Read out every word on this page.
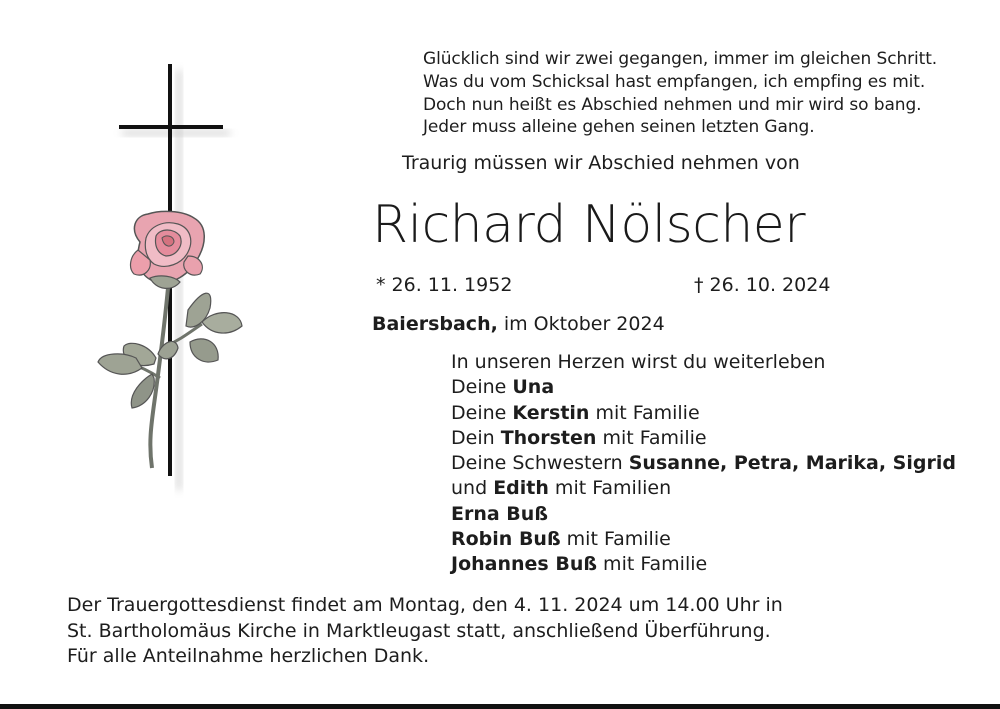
Glücklich sind wir zwei gegangen, immer im gleichen Schritt.
Was du vom Schicksal hast empfangen, ich empfing es mit.
Doch nun heißt es Abschied nehmen und mir wird so bang.
Jeder muss alleine gehen seinen letzten Gang.
Traurig müssen wir Abschied nehmen von
Richard Nölscher
* 26. 11. 1952	† 26. 10. 2024
Baiersbach, im Oktober 2024
In unseren Herzen wirst du weiterleben
Deine Una
Deine Kerstin mit Familie
Dein Thorsten mit Familie
Deine Schwestern Susanne, Petra, Marika, Sigrid
und Edith mit Familien
Erna Buß
Robin Buß mit Familie
Johannes Buß mit Familie
Der Trauergottesdienst findet am Montag, den 4. 11. 2024 um 14.00 Uhr in
St. Bartholomäus Kirche in Marktleugast statt, anschließend Überführung.
Für alle Anteilnahme herzlichen Dank.
